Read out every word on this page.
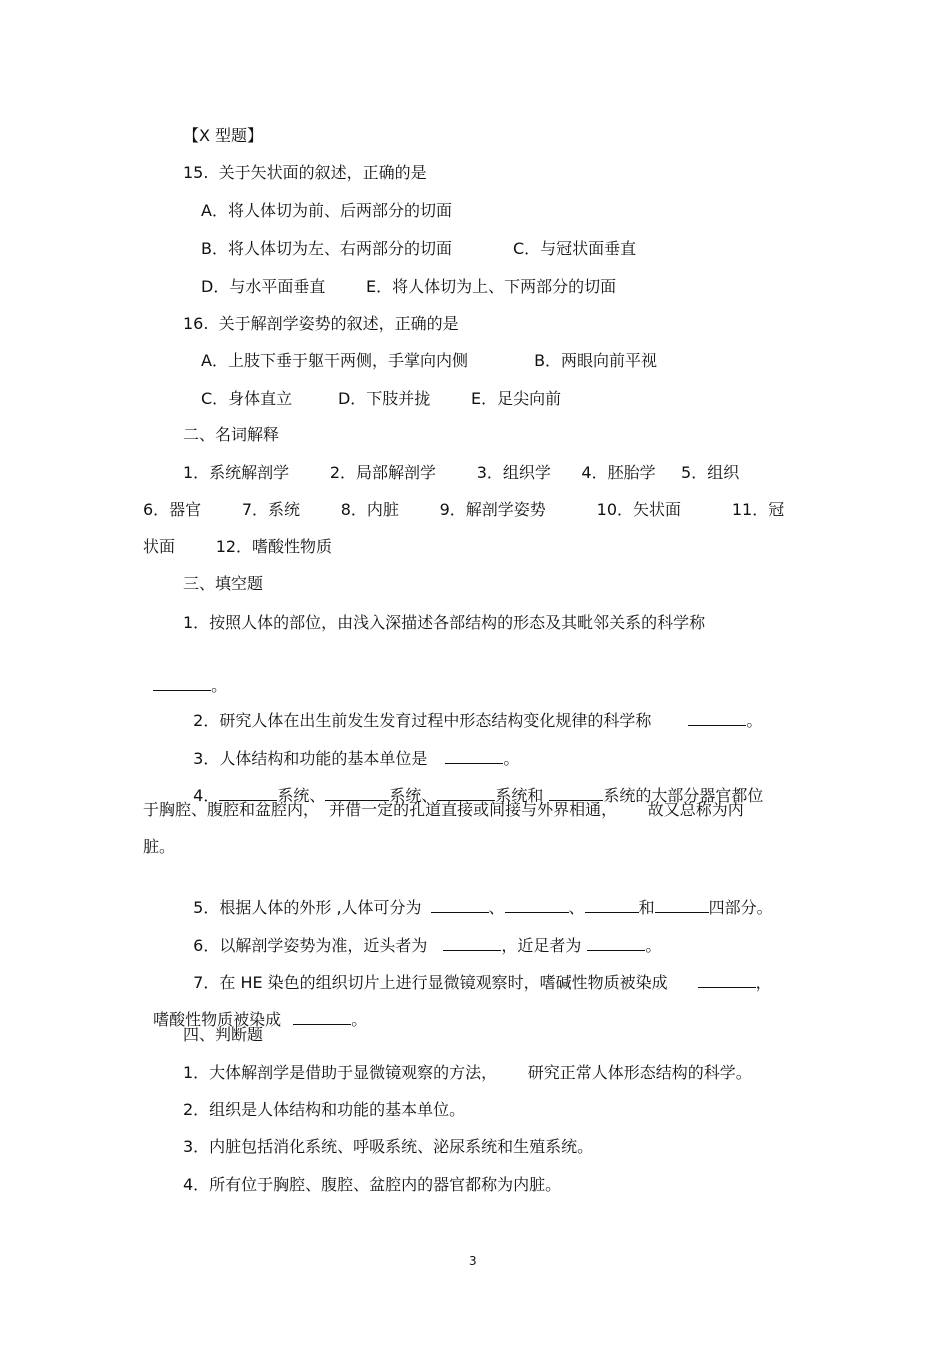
【X 型题】
15.  关于矢状面的叙述，正确的是
A．将人体切为前、后两部分的切面
B．将人体切为左、右两部分的切面            C．与冠状面垂直
D．与水平面垂直        E．将人体切为上、下两部分的切面
16.  关于解剖学姿势的叙述，正确的是
A．上肢下垂于躯干两侧，手掌向内侧             B．两眼向前平视
C．身体直立         D．下肢并拢        E．足尖向前
二、名词解释
1．系统解剖学        2．局部解剖学        3．组织学      4．胚胎学     5．组织
6．器官        7．系统        8．内脏        9．解剖学姿势          10．矢状面          11．冠
状面        12．嗜酸性物质
三、填空题
1．按照人体的部位，由浅入深描述各部结构的形态及其毗邻关系的科学称

。

2．研究人体在出生前发生发育过程中形态结构变化规律的科学称	。

3．人体结构和功能的基本单位是	。

4．	系统、	系统、	系统和	系统的大部分器官都位

于胸腔、腹腔和盆腔内，  并借一定的孔道直接或间接与外界相通，      故又总称为内
脏。

5．根据人体的外形 ,人体可分为	、	、	和	四部分。

6．以解剖学姿势为准，近头者为	，近足者为	。

7．在 HE 染色的组织切片上进行显微镜观察时，嗜碱性物质被染成	，

嗜酸性物质被染成	。

四、判断题
1．大体解剖学是借助于显微镜观察的方法，      研究正常人体形态结构的科学。
2．组织是人体结构和功能的基本单位。
3．内脏包括消化系统、呼吸系统、泌尿系统和生殖系统。
4．所有位于胸腔、腹腔、盆腔内的器官都称为内脏。
3
